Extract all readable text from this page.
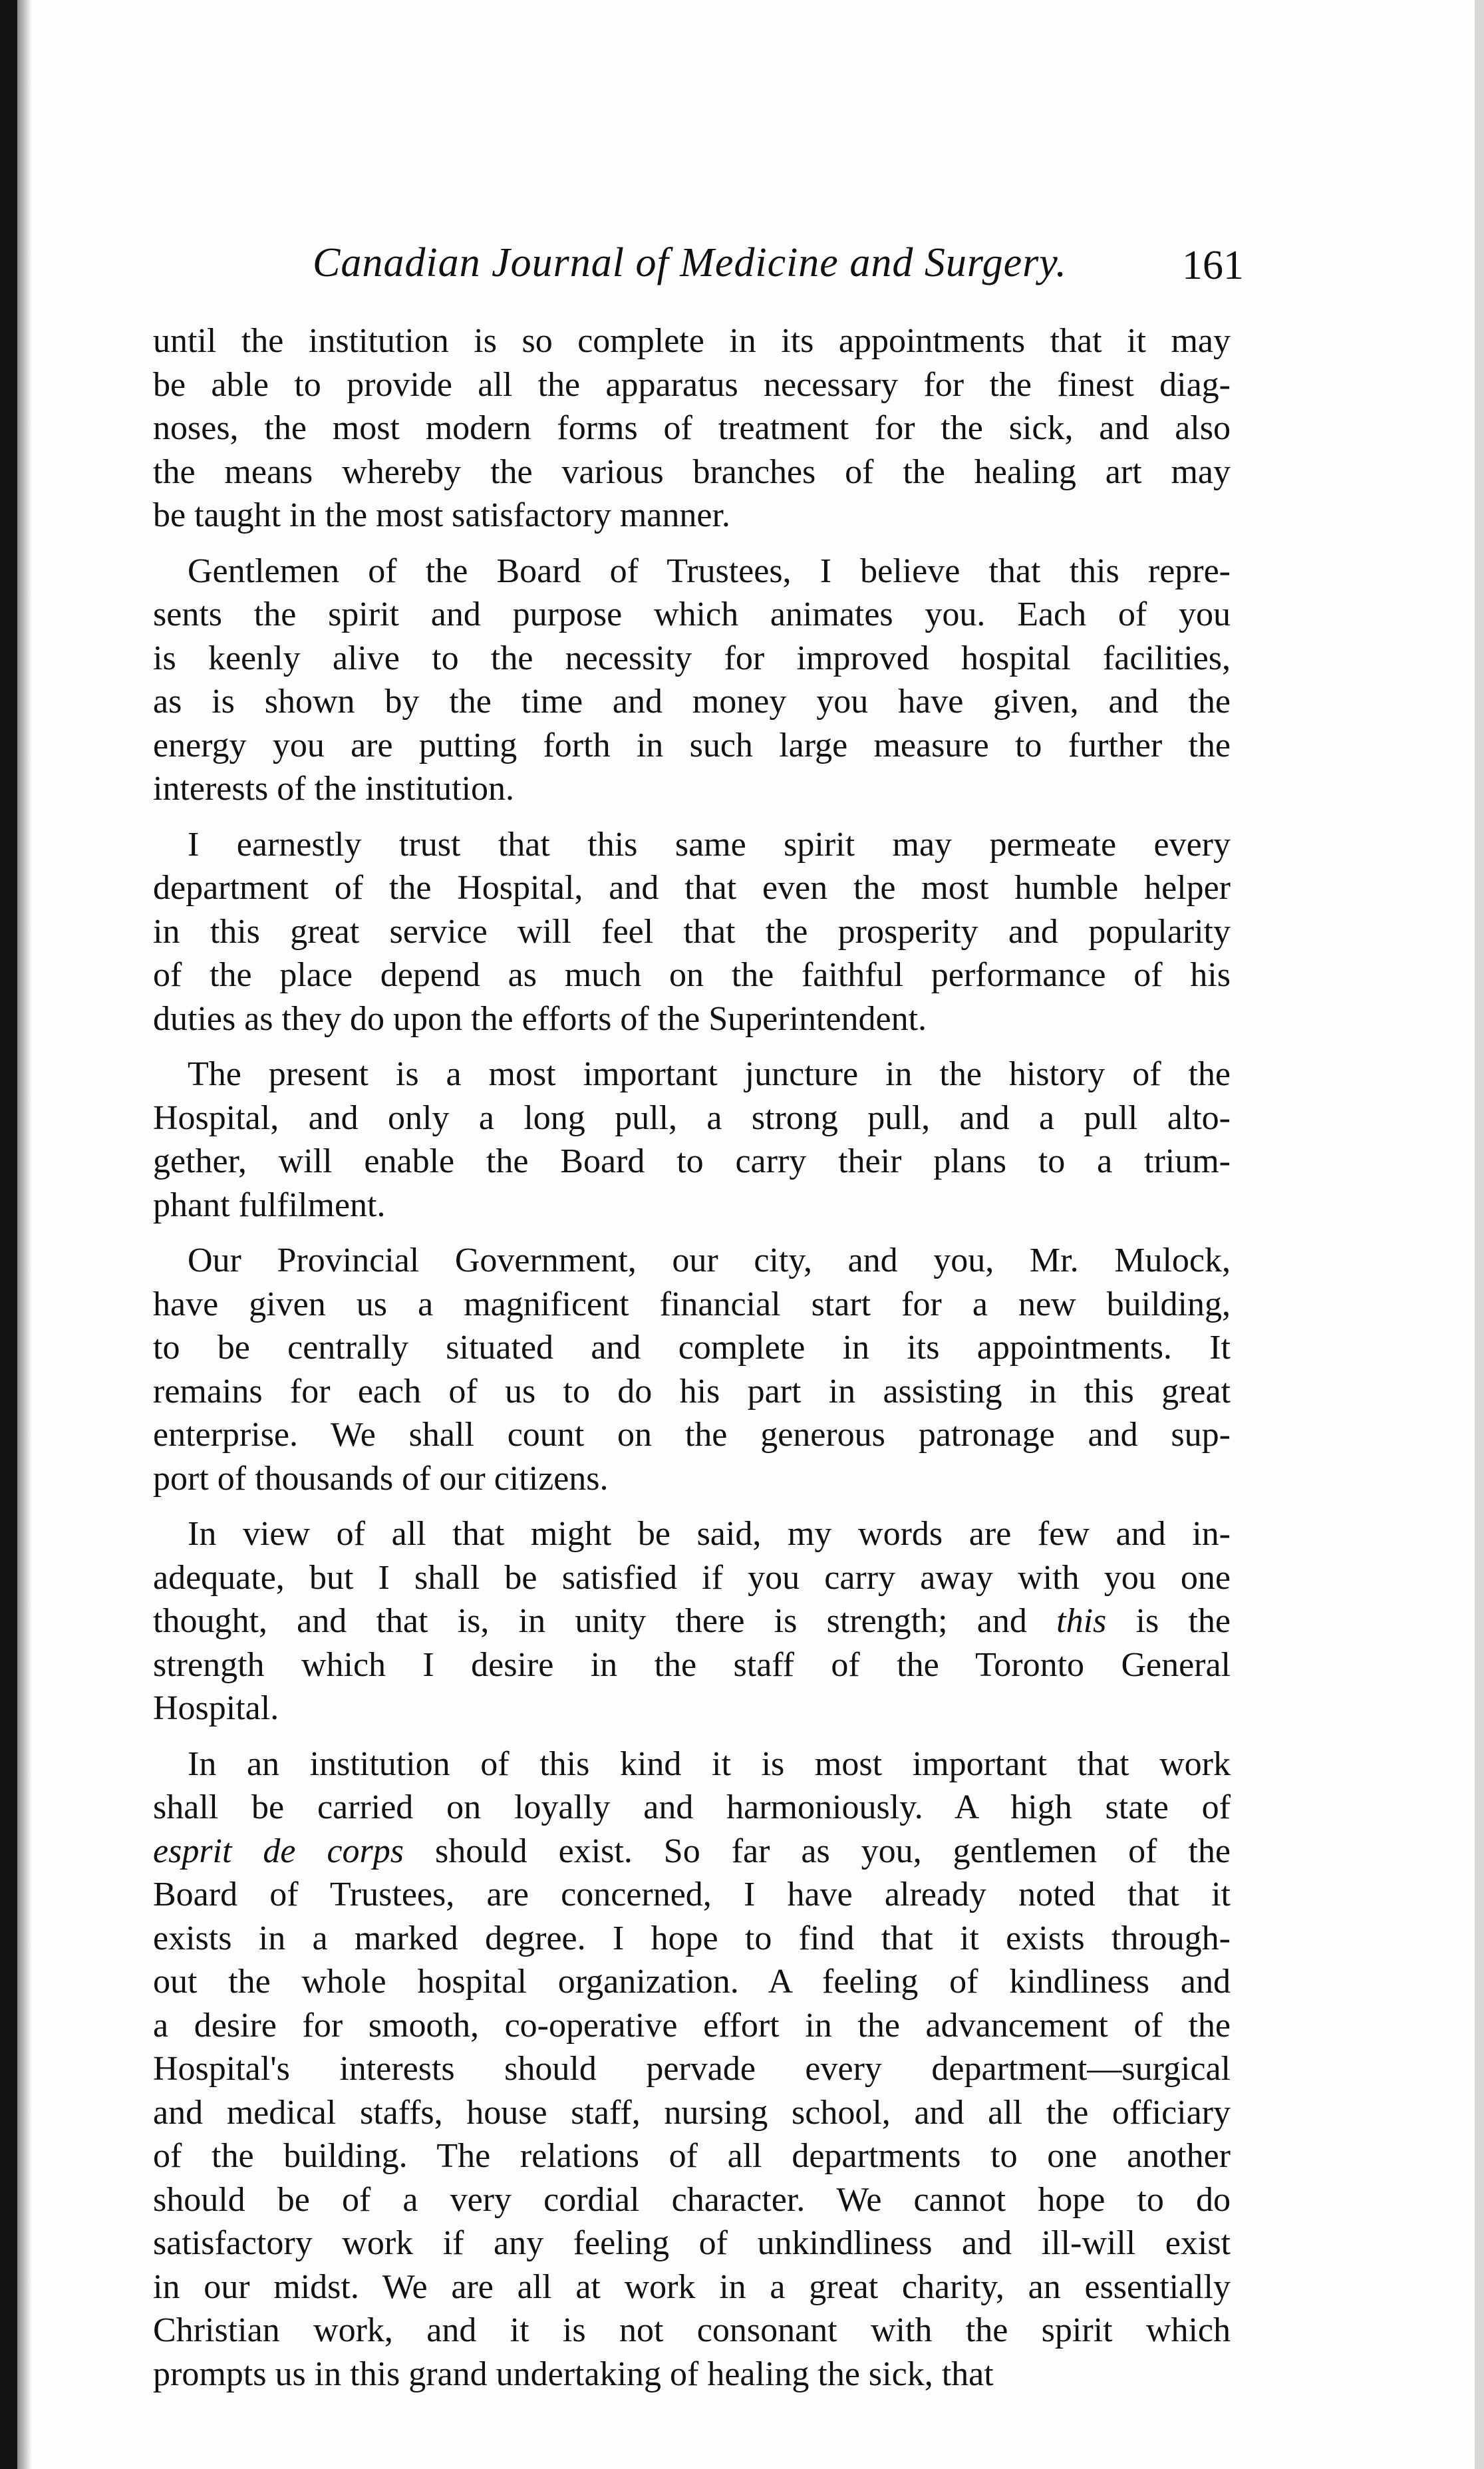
Canadian Journal of Medicine and Surgery.	161
until the institution is so complete in its appointments that it may
be able to provide all the apparatus necessary for the finest diag-
noses, the most modern forms of treatment for the sick, and also
the means whereby the various branches of the healing art may
be taught in the most satisfactory manner.
Gentlemen of the Board of Trustees, I believe that this repre-
sents the spirit and purpose which animates you. Each of you
is keenly alive to the necessity for improved hospital facilities,
as is shown by the time and money you have given, and the
energy you are putting forth in such large measure to further the
interests of the institution.
I earnestly trust that this same spirit may permeate every
department of the Hospital, and that even the most humble helper
in this great service will feel that the prosperity and popularity
of the place depend as much on the faithful performance of his
duties as they do upon the efforts of the Superintendent.
The present is a most important juncture in the history of the
Hospital, and only a long pull, a strong pull, and a pull alto-
gether, will enable the Board to carry their plans to a trium-
phant fulfilment.
Our Provincial Government, our city, and you, Mr. Mulock,
have given us a magnificent financial start for a new building,
to be centrally situated and complete in its appointments. It
remains for each of us to do his part in assisting in this great
enterprise. We shall count on the generous patronage and sup-
port of thousands of our citizens.
In view of all that might be said, my words are few and in-
adequate, but I shall be satisfied if you carry away with you one
thought, and that is, in unity there is strength; and this is the
strength which I desire in the staff of the Toronto General
Hospital.
In an institution of this kind it is most important that work
shall be carried on loyally and harmoniously. A high state of
esprit de corps should exist. So far as you, gentlemen of the
Board of Trustees, are concerned, I have already noted that it
exists in a marked degree. I hope to find that it exists through-
out the whole hospital organization. A feeling of kindliness and
a desire for smooth, co-operative effort in the advancement of the
Hospital's interests should pervade every department—surgical
and medical staffs, house staff, nursing school, and all the officiary
of the building. The relations of all departments to one another
should be of a very cordial character. We cannot hope to do
satisfactory work if any feeling of unkindliness and ill-will exist
in our midst. We are all at work in a great charity, an essentially
Christian work, and it is not consonant with the spirit which
prompts us in this grand undertaking of healing the sick, that
